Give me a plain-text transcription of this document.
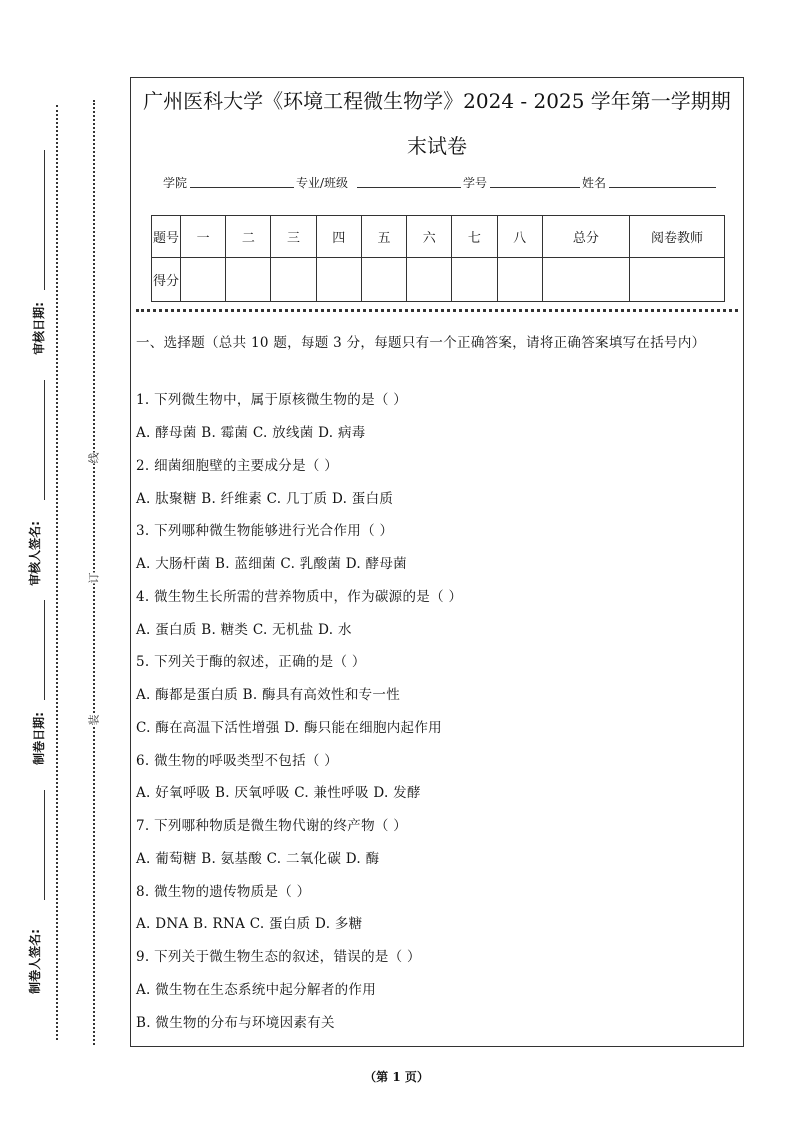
审核日期:
审核人签名:
制卷日期:
制卷人签名:
线
订
装
广州医科大学《环境工程微生物学》2024 - 2025 学年第一学期期
末试卷
学院	专业/班级	学号	姓名
题号	一	二	三	四	五	六	七	八	总分	阅卷教师
得分										
一、选择题（总共 10 题，每题 3 分，每题只有一个正确答案，请将正确答案填写在括号内）
1. 下列微生物中，属于原核微生物的是（ ）
A. 酵母菌 B. 霉菌 C. 放线菌 D. 病毒
2. 细菌细胞壁的主要成分是（ ）
A. 肽聚糖 B. 纤维素 C. 几丁质 D. 蛋白质
3. 下列哪种微生物能够进行光合作用（ ）
A. 大肠杆菌 B. 蓝细菌 C. 乳酸菌 D. 酵母菌
4. 微生物生长所需的营养物质中，作为碳源的是（ ）
A. 蛋白质 B. 糖类 C. 无机盐 D. 水
5. 下列关于酶的叙述，正确的是（ ）
A. 酶都是蛋白质 B. 酶具有高效性和专一性
C. 酶在高温下活性增强 D. 酶只能在细胞内起作用
6. 微生物的呼吸类型不包括（ ）
A. 好氧呼吸 B. 厌氧呼吸 C. 兼性呼吸 D. 发酵
7. 下列哪种物质是微生物代谢的终产物（ ）
A. 葡萄糖 B. 氨基酸 C. 二氧化碳 D. 酶
8. 微生物的遗传物质是（ ）
A. DNA B. RNA C. 蛋白质 D. 多糖
9. 下列关于微生物生态的叙述，错误的是（ ）
A. 微生物在生态系统中起分解者的作用
B. 微生物的分布与环境因素有关
（第 1 页）
